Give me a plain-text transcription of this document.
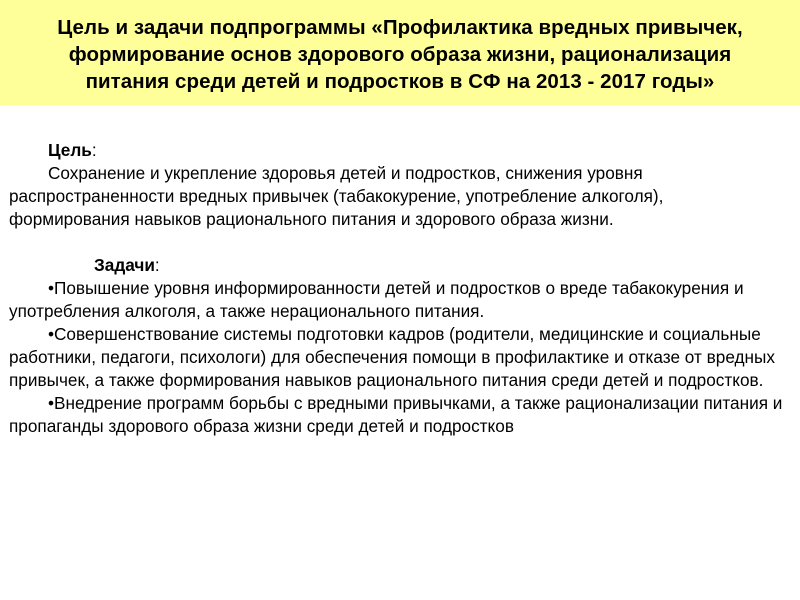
Цель и задачи подпрограммы «Профилактика вредных привычек,
формирование основ здорового образа жизни, рационализация
питания среди детей и подростков в СФ на 2013 - 2017 годы»
Цель:
Сохранение и укрепление здоровья детей и подростков, снижения уровня распространенности вредных привычек (табакокурение, употребление алкоголя), формирования навыков рационального питания и здорового образа жизни.
Задачи:
•Повышение уровня информированности детей и подростков о вреде табакокурения и употребления алкоголя, а также нерационального питания.
•Совершенствование системы подготовки кадров (родители, медицинские и социальные работники, педагоги, психологи) для обеспечения помощи в профилактике и отказе от вредных привычек, а также формирования навыков рационального питания среди детей и подростков.
•Внедрение программ борьбы с вредными привычками, а также рационализации питания и пропаганды здорового образа жизни среди детей и подростков
